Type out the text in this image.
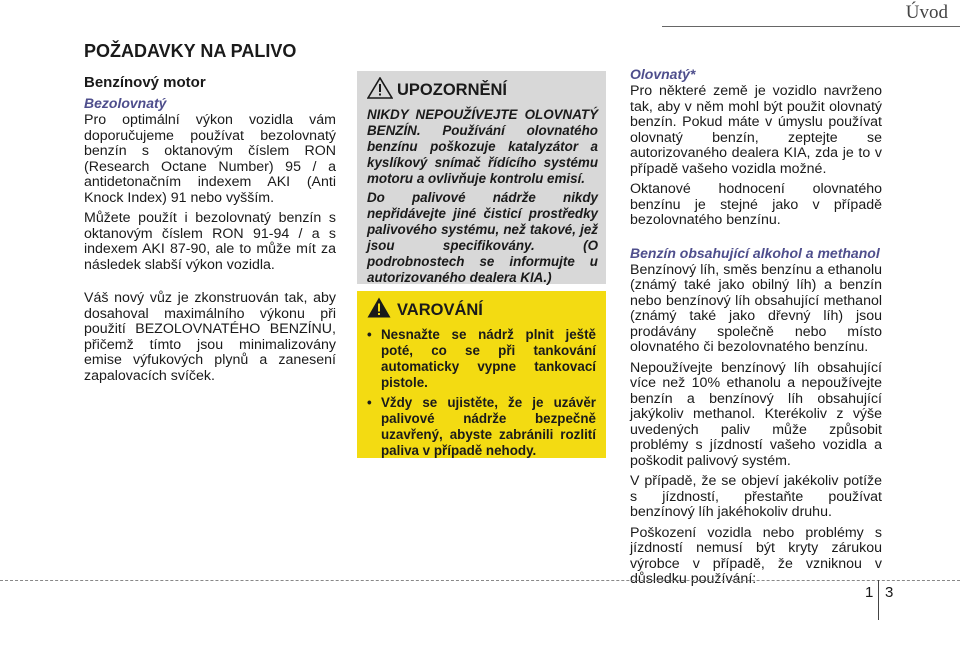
Úvod
POŽADAVKY NA PALIVO
Benzínový motor
Bezolovnatý

Pro optimální výkon vozidla vám doporučujeme používat bezolovnatý benzín s oktanovým číslem RON (Research Octane Number) 95 / a antidetonačním indexem AKI (Anti Knock Index) 91 nebo vyšším.

Můžete použít i bezolovnatý benzín s oktanovým číslem RON 91-94 / a s indexem AKI 87-90, ale to může mít za následek slabší výkon vozidla.

Váš nový vůz je zkonstruován tak, aby dosahoval maximálního výkonu při použití BEZOLOVNATÉHO BENZÍNU, přičemž tímto jsou minimalizovány emise výfukových plynů a zanesení zapalovacích svíček.

UPOZORNĚNÍ

NIKDY NEPOUŽÍVEJTE OLOVNATÝ BENZÍN. Používání olovnatého benzínu poškozuje katalyzátor a kyslíkový snímač řídícího systému motoru a ovlivňuje kontrolu emisí.

Do palivové nádrže nikdy nepřidávejte jiné čisticí prostředky palivového systému, než takové, jež jsou specifikovány. (O podrobnostech se informujte u autorizovaného dealera KIA.)

VAROVÁNÍ
• Nesnažte se nádrž plnit ještě poté, co se při tankování automaticky vypne tankovací pistole.
• Vždy se ujistěte, že je uzávěr palivové nádrže bezpečně uzavřený, abyste zabránili rozlití paliva v případě nehody.
Olovnatý*

Pro některé země je vozidlo navrženo tak, aby v něm mohl být použit olovnatý benzín. Pokud máte v úmyslu používat olovnatý benzín, zeptejte se autorizovaného dealera KIA, zda je to v případě vašeho vozidla možné.

Oktanové hodnocení olovnatého benzínu je stejné jako v případě bezolovnatého benzínu.

Benzín obsahující alkohol a methanol

Benzínový líh, směs benzínu a ethanolu (známý také jako obilný líh) a benzín nebo benzínový líh obsahující methanol (známý také jako dřevný líh) jsou prodávány společně nebo místo olovnatého či bezolovnatého benzínu.

Nepoužívejte benzínový líh obsahující více než 10% ethanolu a nepoužívejte benzín a benzínový líh obsahující jakýkoliv methanol. Kterékoliv z výše uvedených paliv může způsobit problémy s jízdností vašeho vozidla a poškodit palivový systém.

V případě, že se objeví jakékoliv potíže s jízdností, přestaňte používat benzínový líh jakéhokoliv druhu.

Poškození vozidla nebo problémy s jízdností nemusí být kryty zárukou výrobce v případě, že vzniknou v důsledku používání:

1 3
